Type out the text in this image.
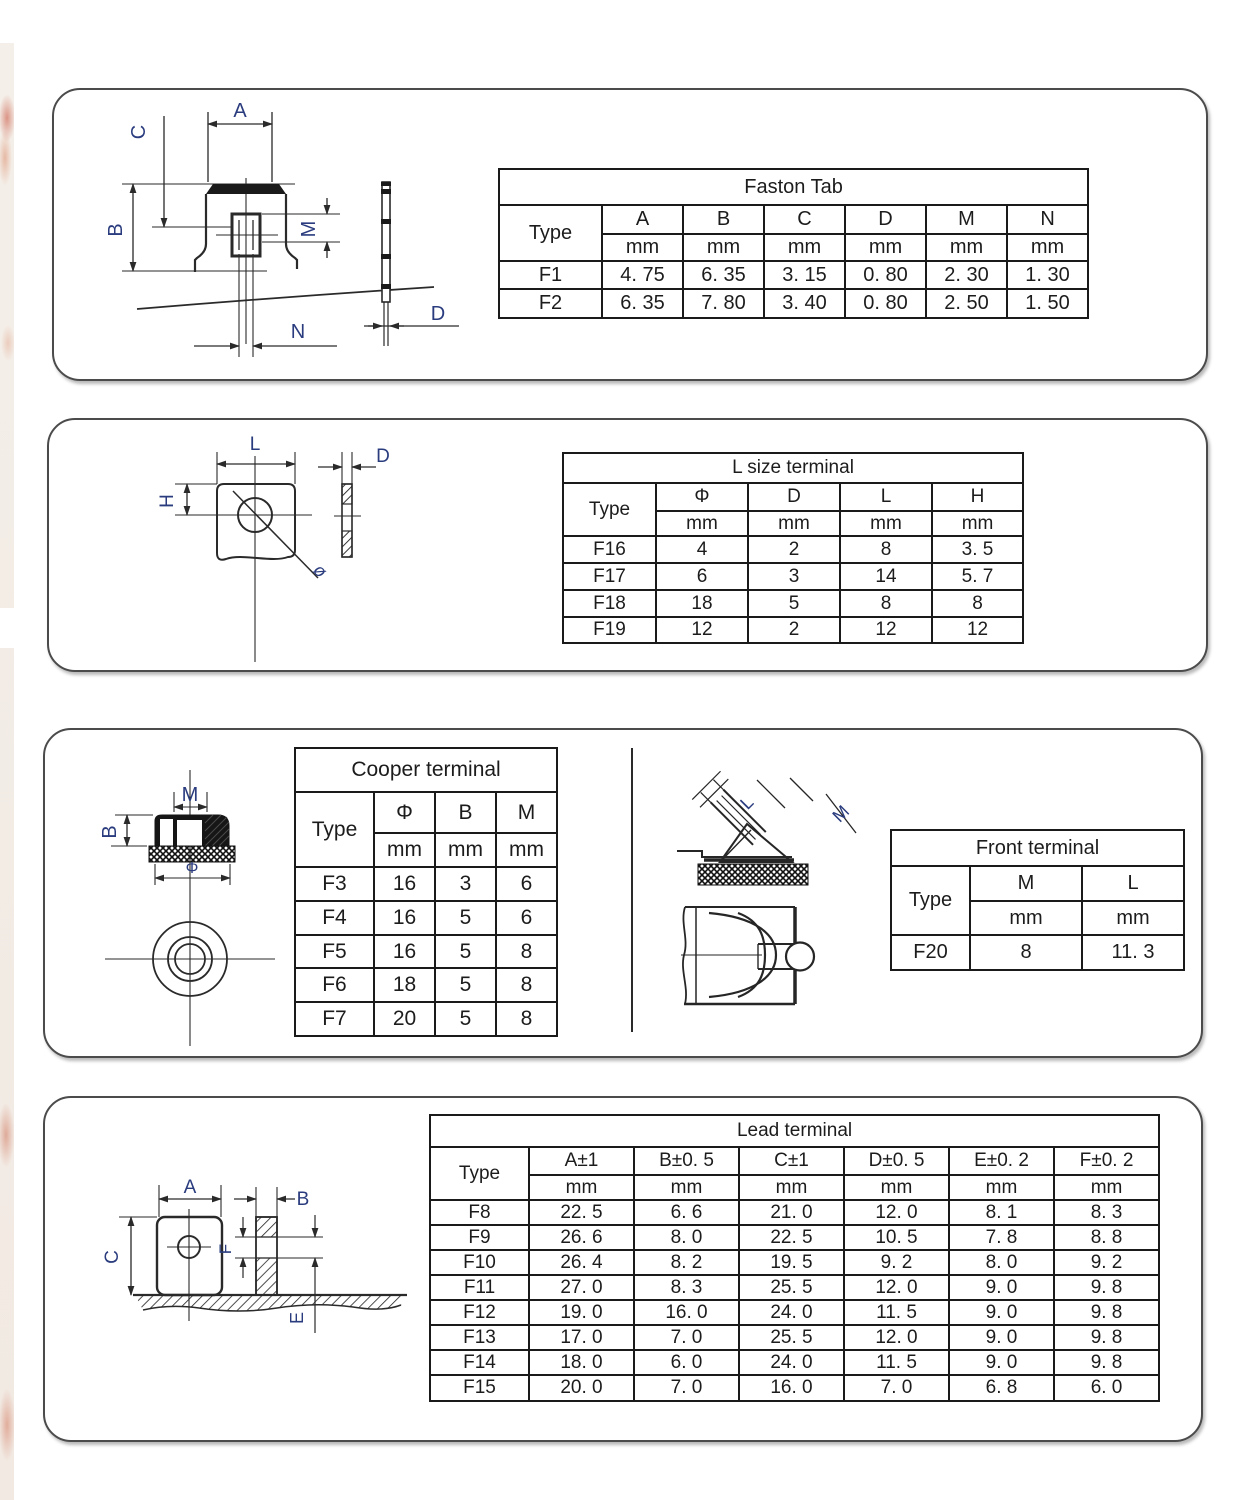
A
C
B	M
N
D
Faston Tab						
Type	A	B	C	D	M	N
	mm	mm	mm	mm	mm	mm
F1	4. 75	6. 35	3. 15	0. 80	2. 30	1. 30
F2	6. 35	7. 80	3. 40	0. 80	2. 50	1. 50
L
H
D
ø
L size terminal				
Type	Φ	D	L	H
	mm	mm	mm	mm
F16	4	2	8	3. 5
F17	6	3	14	5. 7
F18	18	5	8	8
F19	12	2	12	12
M
B
Φ
Cooper terminal			
Type	Φ	B	M
	mm	mm	mm
F3	16	3	6
F4	16	5	6
F5	16	5	8
F6	18	5	8
F7	20	5	8
L	M
Front terminal		
Type	M	L
	mm	mm
F20	8	11. 3
A
C
B
F
E
Lead terminal						
Type	A±1	B±0. 5	C±1	D±0. 5	E±0. 2	F±0. 2
	mm	mm	mm	mm	mm	mm
F8	22. 5	6. 6	21. 0	12. 0	8. 1	8. 3
F9	26. 6	8. 0	22. 5	10. 5	7. 8	8. 8
F10	26. 4	8. 2	19. 5	9. 2	8. 0	9. 2
F11	27. 0	8. 3	25. 5	12. 0	9. 0	9. 8
F12	19. 0	16. 0	24. 0	11. 5	9. 0	9. 8
F13	17. 0	7. 0	25. 5	12. 0	9. 0	9. 8
F14	18. 0	6. 0	24. 0	11. 5	9. 0	9. 8
F15	20. 0	7. 0	16. 0	7. 0	6. 8	6. 0
